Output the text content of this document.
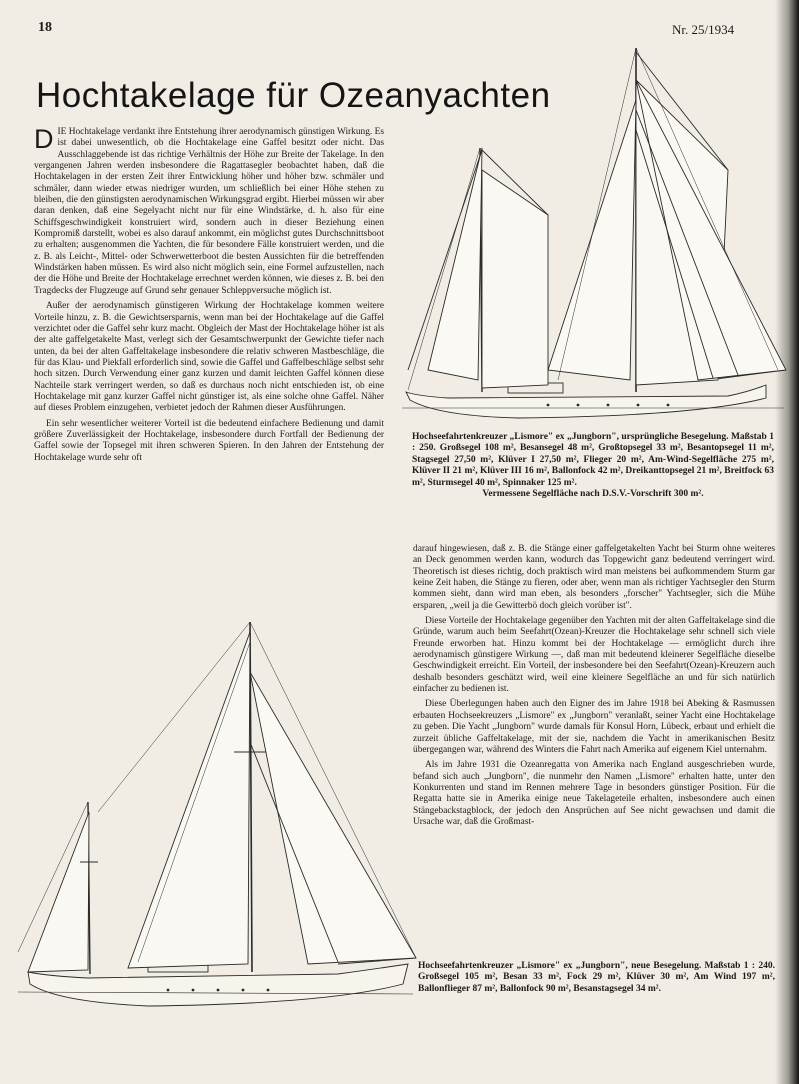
18	Nr. 25/1934
Hochtakelage für Ozeanyachten

DIE Hochtakelage verdankt ihre Entstehung ihrer aerodynamisch günstigen Wirkung. Es ist dabei unwesentlich, ob die Hochtakelage eine Gaffel besitzt oder nicht. Das Ausschlaggebende ist das richtige Verhältnis der Höhe zur Breite der Takelage. In den vergangenen Jahren werden insbesondere die Ragattasegler beobachtet haben, daß die Hochtakelagen in der ersten Zeit ihrer Entwicklung höher und höher bzw. schmäler und schmäler, dann wieder etwas niedriger wurden, um schließlich bei einer Höhe stehen zu bleiben, die den günstigsten aerodynamischen Wirkungsgrad ergibt. Hierbei müssen wir aber daran denken, daß eine Segelyacht nicht nur für eine Windstärke, d. h. also für eine Schiffsgeschwindigkeit konstruiert wird, sondern auch in dieser Beziehung einen Kompromiß darstellt, wobei es also darauf ankommt, ein möglichst gutes Durchschnittsboot zu erhalten; ausgenommen die Yachten, die für besondere Fälle konstruiert werden, und die z. B. als Leicht-, Mittel- oder Schwerwetterboot die besten Aussichten für die betreffenden Windstärken haben müssen. Es wird also nicht möglich sein, eine Formel aufzustellen, nach der die Höhe und Breite der Hochtakelage errechnet werden können, wie dieses z. B. bei den Tragdecks der Flugzeuge auf Grund sehr genauer Schleppversuche möglich ist.

Außer der aerodynamisch günstigeren Wirkung der Hochtakelage kommen weitere Vorteile hinzu, z. B. die Gewichtsersparnis, wenn man bei der Hochtakelage auf die Gaffel verzichtet oder die Gaffel sehr kurz macht. Obgleich der Mast der Hochtakelage höher ist als der alte gaffelgetakelte Mast, verlegt sich der Gesamtschwerpunkt der Gewichte tiefer nach unten, da bei der alten Gaffeltakelage insbesondere die relativ schweren Mastbeschläge, die für das Klau- und Piekfall erforderlich sind, sowie die Gaffel und Gaffelbeschläge selbst sehr hoch sitzen. Durch Verwendung einer ganz kurzen und damit leichten Gaffel können diese Nachteile stark verringert werden, so daß es durchaus noch nicht entschieden ist, ob eine Hochtakelage mit ganz kurzer Gaffel nicht günstiger ist, als eine solche ohne Gaffel. Näher auf dieses Problem einzugehen, verbietet jedoch der Rahmen dieser Ausführungen.

Ein sehr wesentlicher weiterer Vorteil ist die bedeutend einfachere Bedienung und damit größere Zuverlässigkeit der Hochtakelage, insbesondere durch Fortfall der Bedienung der Gaffel sowie der Topsegel mit ihren schweren Spieren. In den Jahren der Entstehung der Hochtakelage wurde sehr oft

Hochseefahrtenkreuzer „Lismore" ex „Jungborn", ursprüngliche Besegelung. Maßstab 1 : 250. Großsegel 108 m², Besansegel 48 m², Großtopsegel 33 m², Besantopsegel 11 m², Stagsegel 27,50 m², Klüver I 27,50 m², Flieger 20 m², Am-Wind-Segelfläche 275 m², Klüver II 21 m², Klüver III 16 m², Ballonfock 42 m², Dreikanttopsegel 21 m², Breitfock 63 m², Sturmsegel 40 m², Spinnaker 125 m².
Vermessene Segelfläche nach D.S.V.-Vorschrift 300 m².

darauf hingewiesen, daß z. B. die Stänge einer gaffelgetakelten Yacht bei Sturm ohne weiteres an Deck genommen werden kann, wodurch das Topgewicht ganz bedeutend verringert wird. Theoretisch ist dieses richtig, doch praktisch wird man meistens bei aufkommendem Sturm gar keine Zeit haben, die Stänge zu fieren, oder aber, wenn man als richtiger Yachtsegler den Sturm kommen sieht, dann wird man eben, als besonders „forscher" Yachtsegler, sich die Mühe ersparen, „weil ja die Gewitterbö doch gleich vorüber ist".

Diese Vorteile der Hochtakelage gegenüber den Yachten mit der alten Gaffeltakelage sind die Gründe, warum auch beim Seefahrt(Ozean)-Kreuzer die Hochtakelage sehr schnell sich viele Freunde erworben hat. Hinzu kommt bei der Hochtakelage — ermöglicht durch ihre aerodynamisch günstigere Wirkung —, daß man mit bedeutend kleinerer Segelfläche dieselbe Geschwindigkeit erreicht. Ein Vorteil, der insbesondere bei den Seefahrt(Ozean)-Kreuzern auch deshalb besonders geschätzt wird, weil eine kleinere Segelfläche an und für sich natürlich einfacher zu bedienen ist.

Diese Überlegungen haben auch den Eigner des im Jahre 1918 bei Abeking & Rasmussen erbauten Hochseekreuzers „Lismore" ex „Jungborn" veranlaßt, seiner Yacht eine Hochtakelage zu geben. Die Yacht „Jungborn" wurde damals für Konsul Horn, Lübeck, erbaut und erhielt die zurzeit übliche Gaffeltakelage, mit der sie, nachdem die Yacht in amerikanischen Besitz übergegangen war, während des Winters die Fahrt nach Amerika auf eigenem Kiel unternahm.

Als im Jahre 1931 die Ozeanregatta von Amerika nach England ausgeschrieben wurde, befand sich auch „Jungborn", die nunmehr den Namen „Lismore" erhalten hatte, unter den Konkurrenten und stand im Rennen mehrere Tage in besonders günstiger Position. Für die Regatta hatte sie in Amerika einige neue Takelageteile erhalten, insbesondere auch einen Stängebackstagblock, der jedoch den Ansprüchen auf See nicht gewachsen und damit die Ursache war, daß die Großmast-

Hochseefahrtenkreuzer „Lismore" ex „Jungborn", neue Besegelung. Maßstab 1 : 240. Großsegel 105 m², Besan 33 m², Fock 29 m², Klüver 30 m², Am Wind 197 m², Ballonflieger 87 m², Ballonfock 90 m², Besanstagsegel 34 m².
